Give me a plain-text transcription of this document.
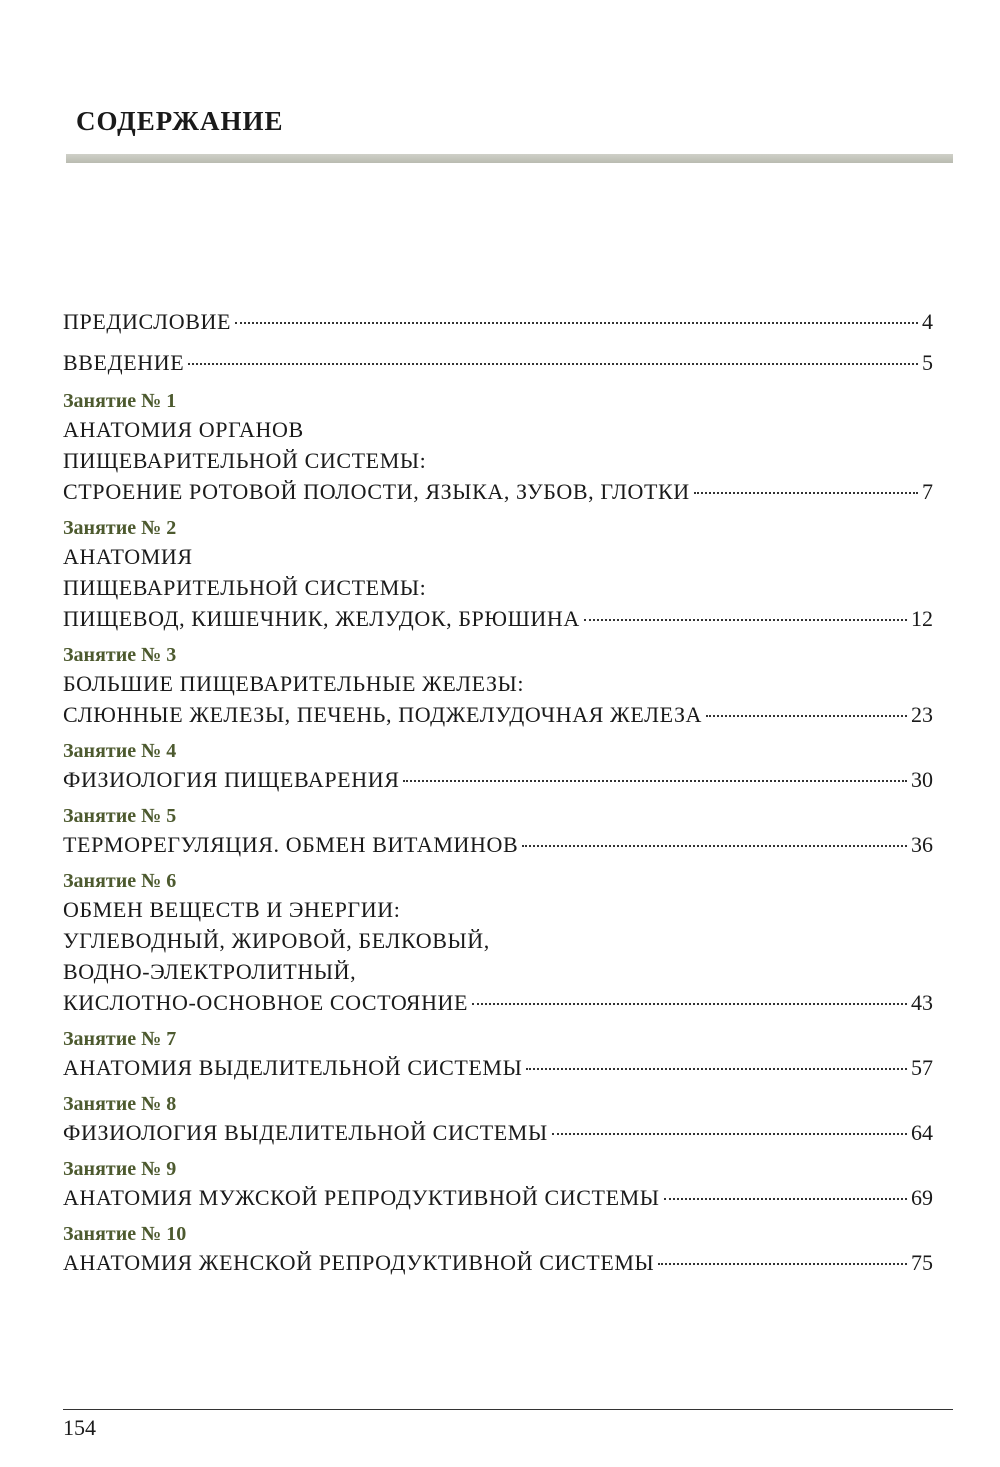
СОДЕРЖАНИЕ
ПРЕДИСЛОВИЕ	4
ВВЕДЕНИЕ	5
Занятие № 1
АНАТОМИЯ ОРГАНОВ
ПИЩЕВАРИТЕЛЬНОЙ СИСТЕМЫ:
СТРОЕНИЕ РОТОВОЙ ПОЛОСТИ, ЯЗЫКА, ЗУБОВ, ГЛОТКИ	7
Занятие № 2
АНАТОМИЯ
ПИЩЕВАРИТЕЛЬНОЙ СИСТЕМЫ:
ПИЩЕВОД, КИШЕЧНИК, ЖЕЛУДОК, БРЮШИНА	12
Занятие № 3
БОЛЬШИЕ ПИЩЕВАРИТЕЛЬНЫЕ ЖЕЛЕЗЫ:
СЛЮННЫЕ ЖЕЛЕЗЫ, ПЕЧЕНЬ, ПОДЖЕЛУДОЧНАЯ ЖЕЛЕЗА	23
Занятие № 4
ФИЗИОЛОГИЯ ПИЩЕВАРЕНИЯ	30
Занятие № 5
ТЕРМОРЕГУЛЯЦИЯ. ОБМЕН ВИТАМИНОВ	36
Занятие № 6
ОБМЕН ВЕЩЕСТВ И ЭНЕРГИИ:
УГЛЕВОДНЫЙ, ЖИРОВОЙ, БЕЛКОВЫЙ,
ВОДНО-ЭЛЕКТРОЛИТНЫЙ,
КИСЛОТНО-ОСНОВНОЕ СОСТОЯНИЕ	43
Занятие № 7
АНАТОМИЯ ВЫДЕЛИТЕЛЬНОЙ СИСТЕМЫ	57
Занятие № 8
ФИЗИОЛОГИЯ ВЫДЕЛИТЕЛЬНОЙ СИСТЕМЫ	64
Занятие № 9
АНАТОМИЯ МУЖСКОЙ РЕПРОДУКТИВНОЙ СИСТЕМЫ	69
Занятие № 10
АНАТОМИЯ ЖЕНСКОЙ РЕПРОДУКТИВНОЙ СИСТЕМЫ	75
154
